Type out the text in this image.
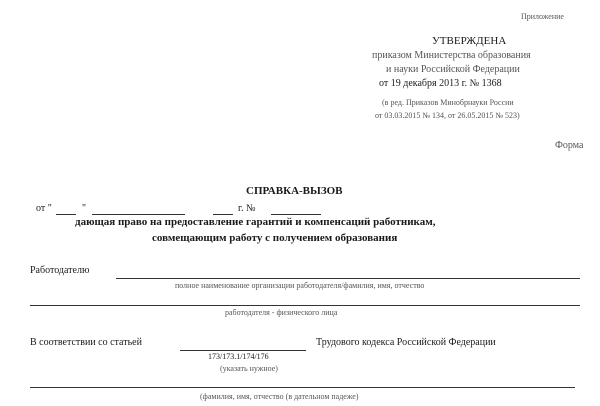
Приложение
УТВЕРЖДЕНА
приказом Министерства образования
и науки Российской Федерации
от 19 декабря 2013 г. № 1368
(в ред. Приказов Минобрнауки России
от 03.03.2015 № 134, от 26.05.2015 № 523)
Форма
СПРАВКА-ВЫЗОВ
от "	"	г. №
дающая право на предоставление гарантий и компенсаций работникам,
совмещающим работу с получением образования
Работодателю
полное наименование организации работодателя/фамилия, имя, отчество
работодателя - физического лица
В соответствии со статьей	Трудового кодекса Российской Федерации
173/173.1/174/176
(указать нужное)
(фамилия, имя, отчество (в дательном падеже)
